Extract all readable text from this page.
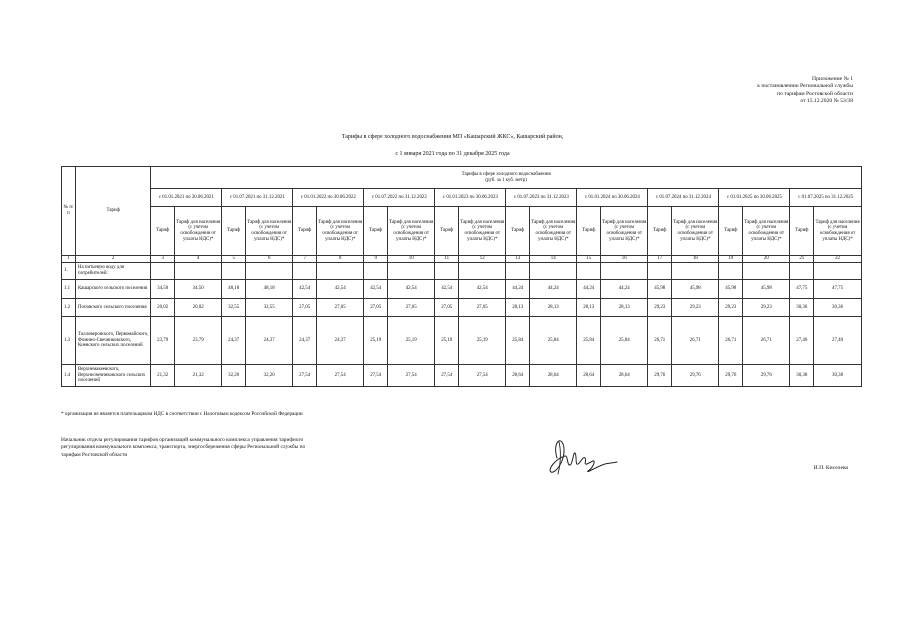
Приложение № 1
к постановлению Региональной службы
по тарифам Ростовской области
от 15.12.2020 № 53/38
Тарифы в сфере холодного водоснабжения МП «Кашарский ЖКС», Кашарский район,
с 1 января 2021 года по 31 декабря 2025 года
№ п/п	Тариф	Тарифы в сфере холодного водоснабжения
(руб. за 1 куб. метр)																			

		с 01.01.2021 по 30.06.2021		с 01.07.2021 по 31.12.2021		с 01.01.2022 по 30.06.2022		с 01.07.2022 по 31.12.2022		с 01.01.2023 по 30.06.2023		с 01.07.2023 по 31.12.2023		с 01.01.2024 по 30.06.2024		с 01.07.2024 по 31.12.2024		с 01.01.2025 по 30.06.2025		с 01.07.2025 по 31.12.2025	
		Тариф	Тариф для населения (с учетом освобождения от уплаты НДС)*	Тариф	Тариф для населения (с учетом освобождения от уплаты НДС)*	Тариф	Тариф для населения (с учетом освобождения от уплаты НДС)*	Тариф	Тариф для населения (с учетом освобождения от уплаты НДС)*	Тариф	Тариф для населения (с учетом освобождения от уплаты НДС)*	Тариф	Тариф для населения (с учетом освобождения от уплаты НДС)*	Тариф	Тариф для населения (с учетом освобождения от уплаты НДС)*	Тариф	Тариф для населения (с учетом освобождения от уплаты НДС)*	Тариф	Тариф для населения (с учетом освобождения от уплаты НДС)*	Тариф	Тариф для населения (с учетом освобождения от уплаты НДС)*
1	2	3	4	5	6	7	8	9	10	11	12	13	14	15	16	17	18	19	20	21	22
1.	На питьевую воду для потребителей:																				
1.1	Кашарского сельского поселения	34,50	34,50	48,18	48,18	42,54	42,54	42,54	42,54	42,54	42,54	44,24	44,24	44,24	44,24	45,98	45,98	45,98	45,98	47,75	47,75
1.2	Поповского сельского поселения	20,02	20,02	32,55	32,55	27,05	27,05	27,05	27,05	27,05	27,05	28,13	28,13	28,13	28,13	29,23	29,23	29,23	29,23	30,36	30,36
1.3	Талловеровского, Первомайского, Фомино-Свечниковского, Киевского сельских поселений	23,79	23,79	24,37	24,37	24,37	24,37	25,19	25,19	25,19	25,19	25,84	25,84	25,84	25,84	26,71	26,71	26,71	26,71	27,40	27,40
1.4	Верхнемакеевского, Верхнесвечниковского сельских поселений	21,32	21,32	32,20	32,20	27,54	27,54	27,54	27,54	27,54	27,54	28,64	28,64	28,64	28,64	29,76	29,76	29,76	29,76	30,38	30,38
* организация не является плательщиком НДС в соответствии с Налоговым кодексом Российской Федерации
Начальник отдела регулирования тарифов организаций коммунального комплекса управления тарифного регулирования коммунального комплекса, транспорта, энергосбережения сферы Региональной службы по тарифам Ростовской области
И.П. Киселева
